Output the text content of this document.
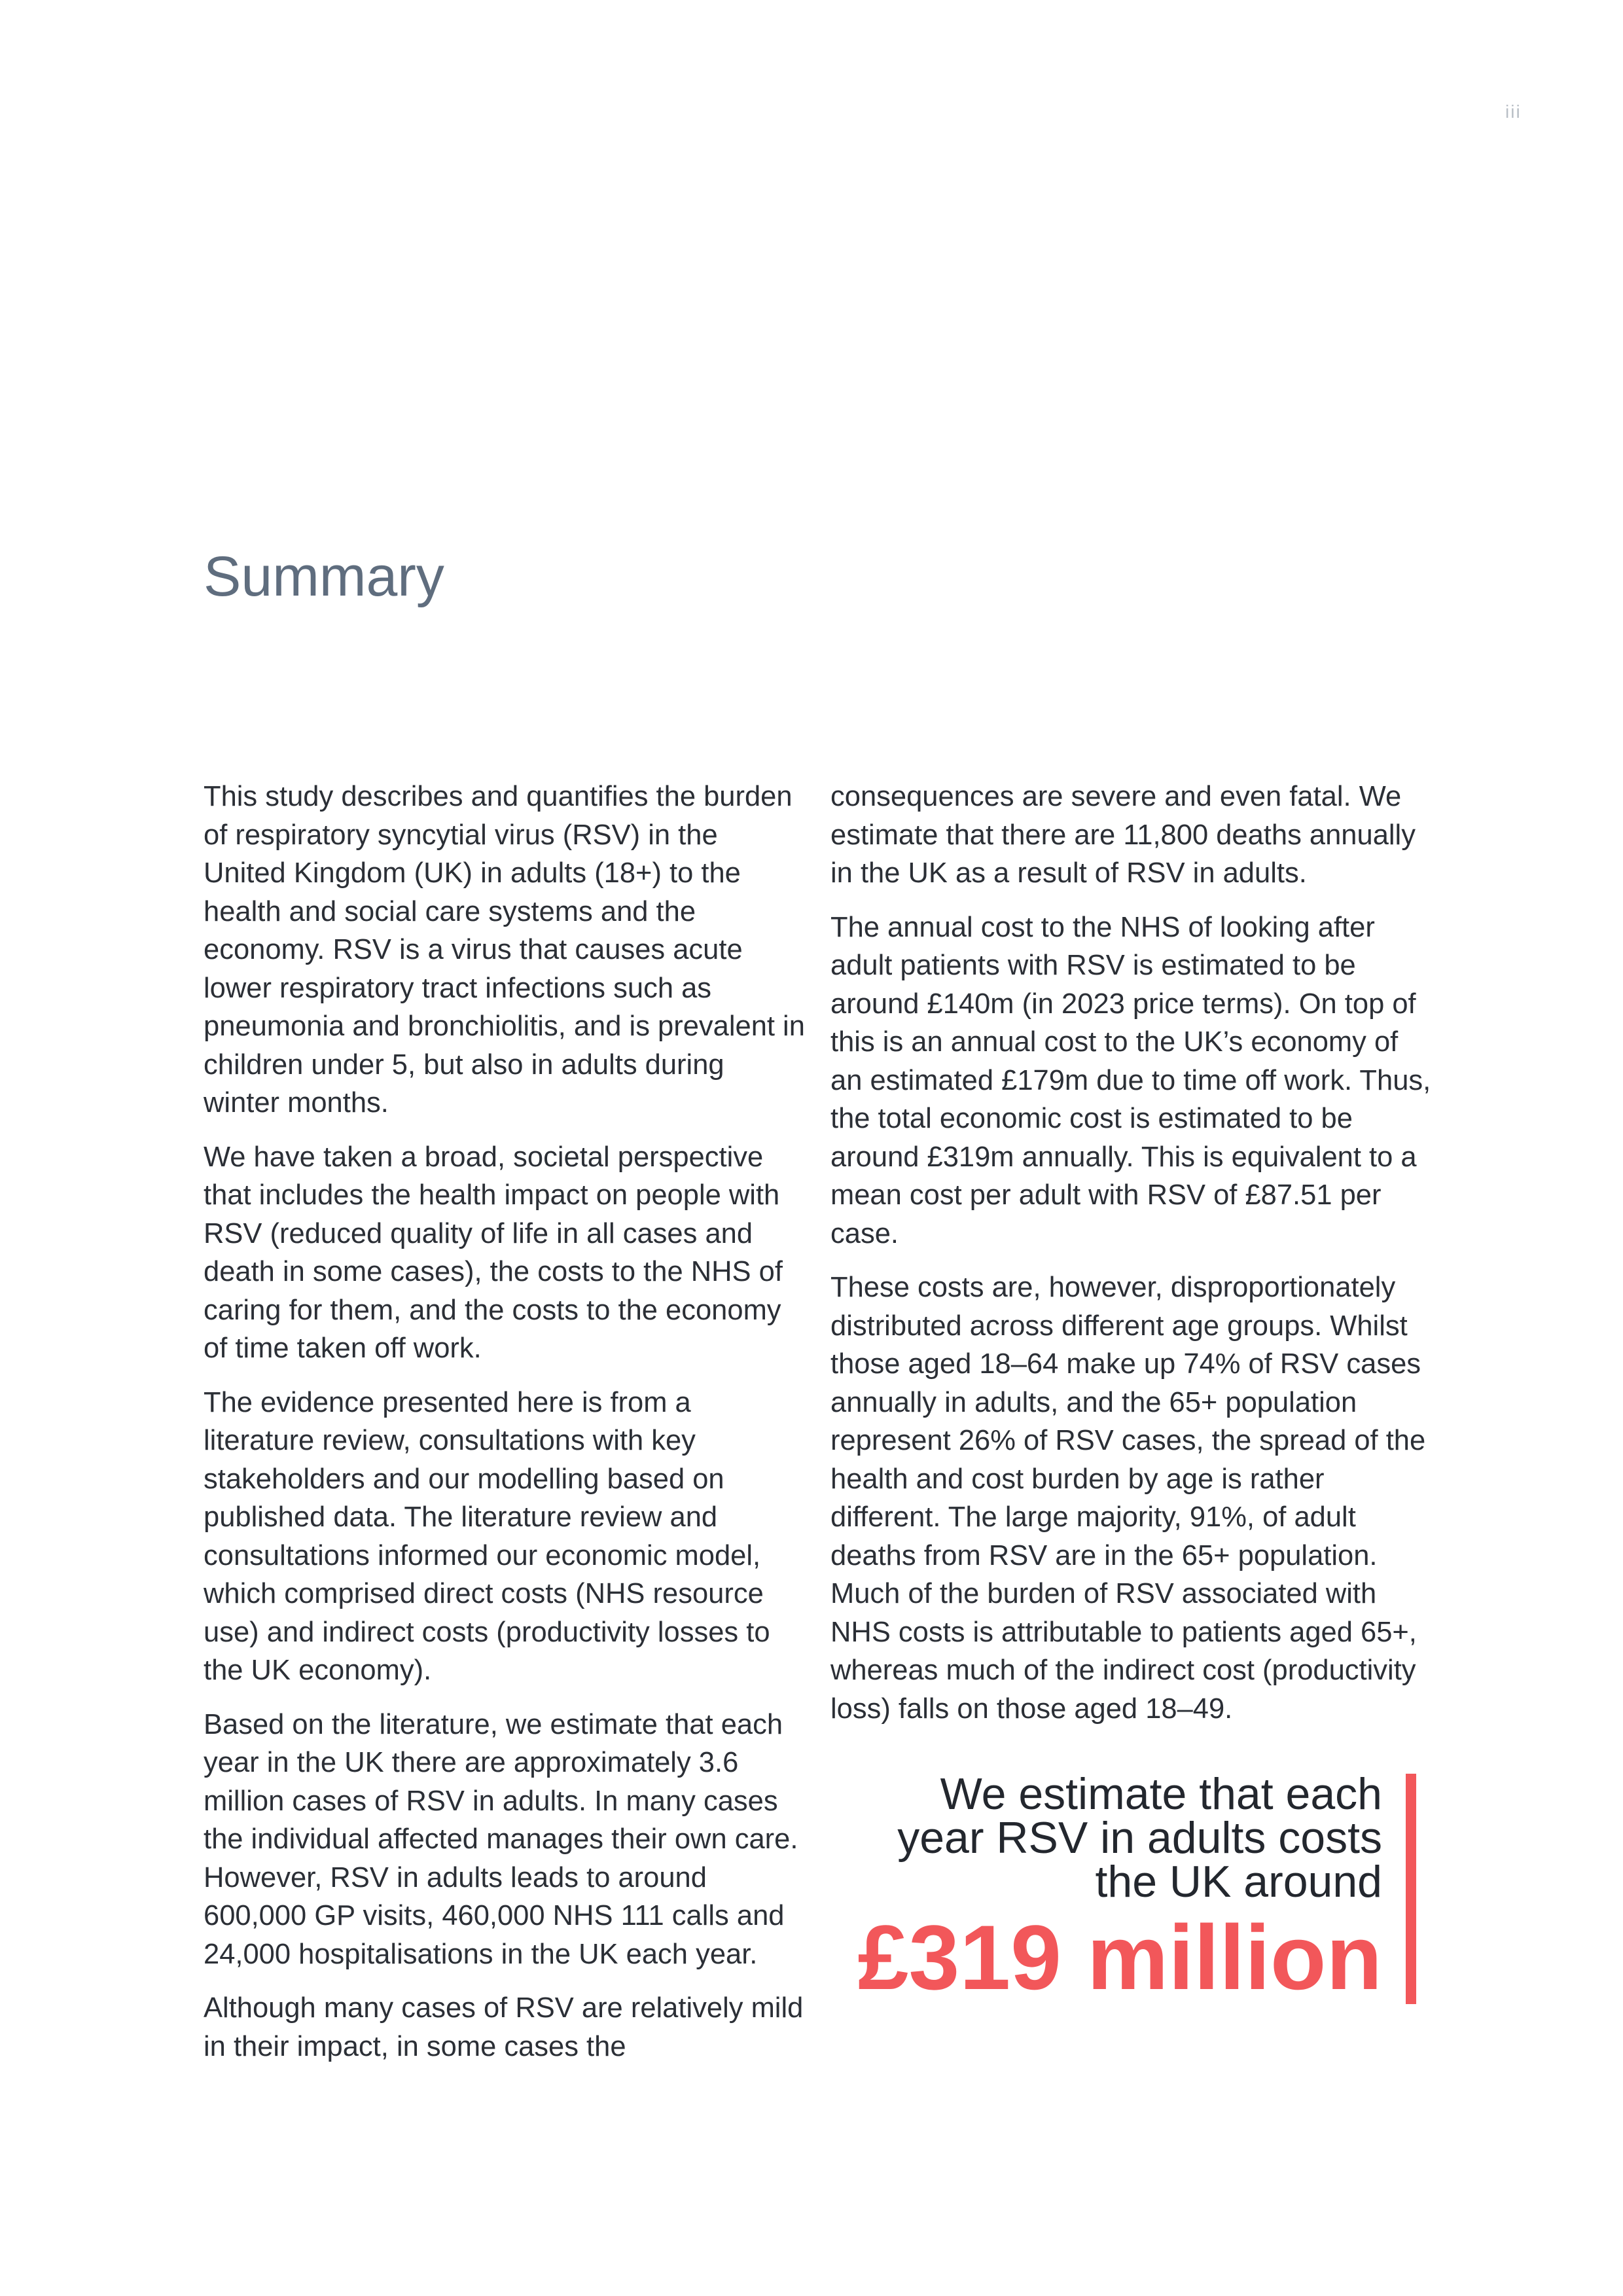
iii
Summary

This study describes and quantifies the burden of respiratory syncytial virus (RSV) in the United Kingdom (UK) in adults (18+) to the health and social care systems and the economy. RSV is a virus that causes acute lower respiratory tract infections such as pneumonia and bronchiolitis, and is prevalent in children under 5, but also in adults during winter months.

We have taken a broad, societal perspective that includes the health impact on people with RSV (reduced quality of life in all cases and death in some cases), the costs to the NHS of caring for them, and the costs to the economy of time taken off work.

The evidence presented here is from a literature review, consultations with key stakeholders and our modelling based on published data. The literature review and consultations informed our economic model, which comprised direct costs (NHS resource use) and indirect costs (productivity losses to the UK economy).

Based on the literature, we estimate that each year in the UK there are approximately 3.6 million cases of RSV in adults. In many cases the individual affected manages their own care. However, RSV in adults leads to around 600,000 GP visits, 460,000 NHS 111 calls and 24,000 hospitalisations in the UK each year.

Although many cases of RSV are relatively mild in their impact, in some cases the

consequences are severe and even fatal. We estimate that there are 11,800 deaths annually in the UK as a result of RSV in adults.

The annual cost to the NHS of looking after adult patients with RSV is estimated to be around £140m (in 2023 price terms). On top of this is an annual cost to the UK’s economy of an estimated £179m due to time off work. Thus, the total economic cost is estimated to be around £319m annually. This is equivalent to a mean cost per adult with RSV of £87.51 per case.

These costs are, however, disproportionately distributed across different age groups. Whilst those aged 18–64 make up 74% of RSV cases annually in adults, and the 65+ population represent 26% of RSV cases, the spread of the health and cost burden by age is rather different. The large majority, 91%, of adult deaths from RSV are in the 65+ population. Much of the burden of RSV associated with NHS costs is attributable to patients aged 65+, whereas much of the indirect cost (productivity loss) falls on those aged 18–49.

We estimate that each year RSV in adults costs the UK around
£319 million
